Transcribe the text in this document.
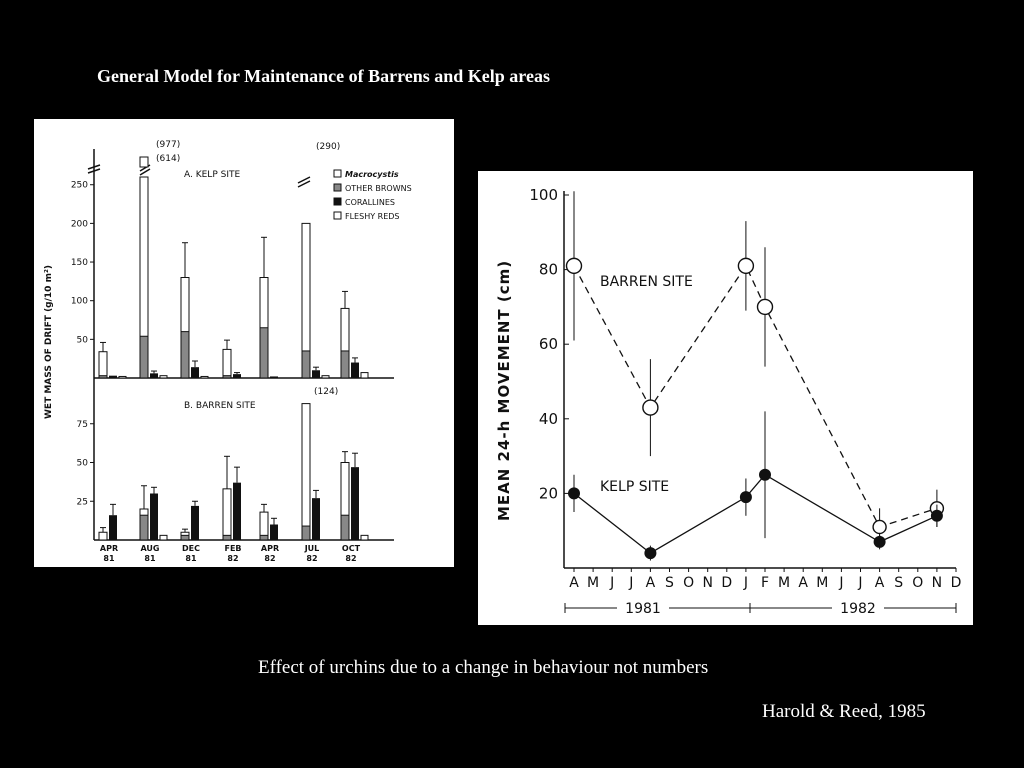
General Model for Maintenance of Barrens and Kelp areas
WET MASS OF DRIFT (g/10 m²)
A. KELP SITE
50
100
150
200
250
B. BARREN SITE
25
50
75
(977)
(614)
(290)
(124)
Macrocystis
OTHER BROWNS
CORALLINES
FLESHY REDS
APR
81
AUG
81
DEC
81
FEB
82
APR
82
JUL
82
OCT
82
MEAN 24-h MOVEMENT (cm) 20
40
60
80
100
A M J J A S O N D J F M A M J J A S O N D
1981	1982
BARREN SITE
KELP SITE
Effect of urchins due to a change in behaviour not numbers
Harold & Reed, 1985
